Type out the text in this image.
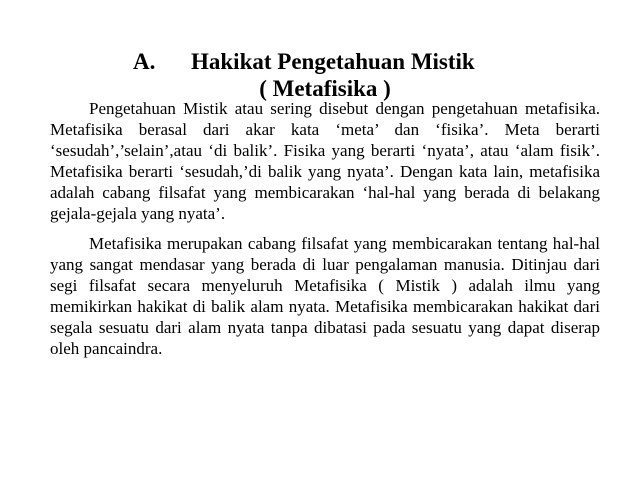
A. Hakikat Pengetahuan Mistik
( Metafisika )

Pengetahuan Mistik atau sering disebut dengan pengetahuan metafisika. Metafisika berasal dari akar kata ‘meta’ dan ‘fisika’. Meta berarti ‘sesudah’,’selain’,atau ‘di balik’. Fisika yang berarti ‘nyata’, atau ‘alam fisik’. Metafisika berarti ‘sesudah,’di balik yang nyata’. Dengan kata lain, metafisika adalah cabang filsafat yang membicarakan ‘hal-hal yang berada di belakang gejala-gejala yang nyata’.

Metafisika merupakan cabang filsafat yang membicarakan tentang hal-hal yang sangat mendasar yang berada di luar pengalaman manusia. Ditinjau dari segi filsafat secara menyeluruh Metafisika ( Mistik ) adalah ilmu yang memikirkan hakikat di balik alam nyata. Metafisika membicarakan hakikat dari segala sesuatu dari alam nyata tanpa dibatasi pada sesuatu yang dapat diserap oleh pancaindra.
